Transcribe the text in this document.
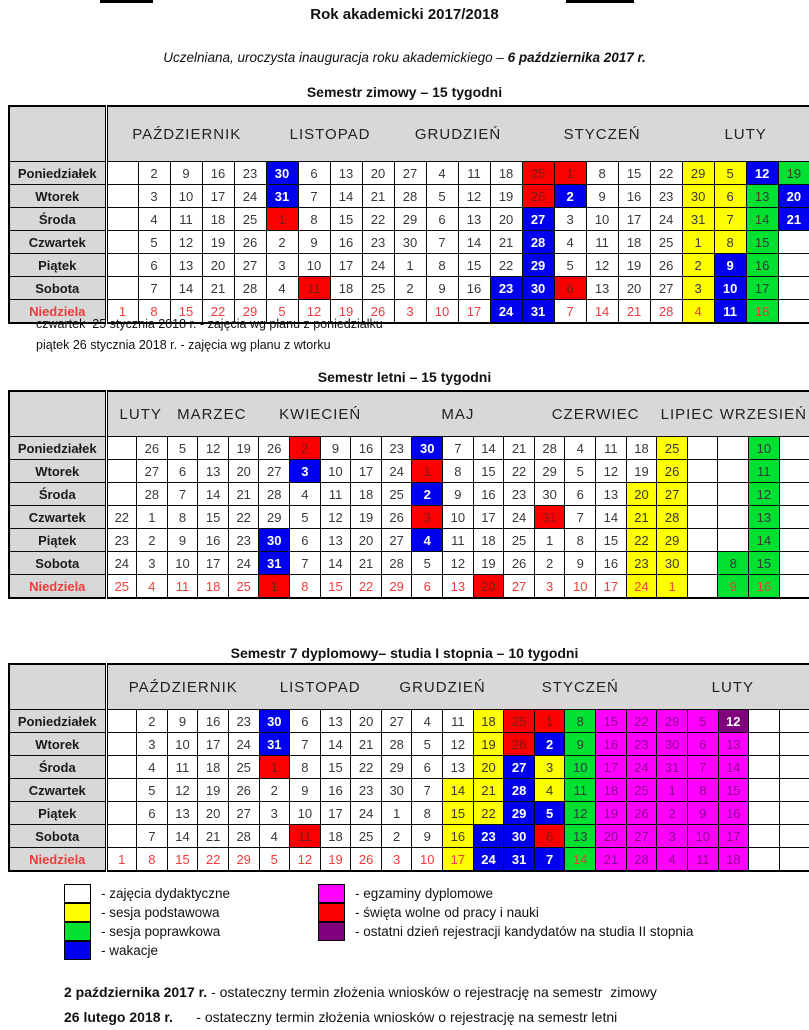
Rok akademicki 2017/2018
Uczelniana, uroczysta inauguracja roku akademickiego – 6 października 2017 r.
Semestr zimowy – 15 tygodni
	PAŹDZIERNIK					LISTOPAD				GRUDZIEŃ				STYCZEŃ					LUTY			
Poniedziałek		2	9	16	23	30	6	13	20	27	4	11	18	25	1	8	15	22	29	5	12	19
Wtorek		3	10	17	24	31	7	14	21	28	5	12	19	26	2	9	16	23	30	6	13	20
Środa		4	11	18	25	1	8	15	22	29	6	13	20	27	3	10	17	24	31	7	14	21
Czwartek		5	12	19	26	2	9	16	23	30	7	14	21	28	4	11	18	25	1	8	15	
Piątek		6	13	20	27	3	10	17	24	1	8	15	22	29	5	12	19	26	2	9	16	
Sobota		7	14	21	28	4	11	18	25	2	9	16	23	30	6	13	20	27	3	10	17	
Niedziela	1	8	15	22	29	5	12	19	26	3	10	17	24	31	7	14	21	28	4	11	18	
czwartek  25 stycznia 2018 r. - zajęcia wg planu z poniedziałku
piątek 26 stycznia 2018 r. - zajęcia wg planu z wtorku
Semestr letni – 15 tygodni
	LUTY   MARZEC					KWIECIEŃ				MAJ					CZERWIEC				LIPIEC		WRZESIEŃ		
Poniedziałek		26	5	12	19	26	2	9	16	23	30	7	14	21	28	4	11	18	25			10	
Wtorek		27	6	13	20	27	3	10	17	24	1	8	15	22	29	5	12	19	26			11	
Środa		28	7	14	21	28	4	11	18	25	2	9	16	23	30	6	13	20	27			12	
Czwartek	22	1	8	15	22	29	5	12	19	26	3	10	17	24	31	7	14	21	28			13	
Piątek	23	2	9	16	23	30	6	13	20	27	4	11	18	25	1	8	15	22	29			14	
Sobota	24	3	10	17	24	31	7	14	21	28	5	12	19	26	2	9	16	23	30		8	15	
Niedziela	25	4	11	18	25	1	8	15	22	29	6	13	20	27	3	10	17	24	1		9	16	
Semestr 7 dyplomowy– studia I stopnia – 10 tygodni
	PAŹDZIERNIK					LISTOPAD				GRUDZIEŃ				STYCZEŃ					LUTY				
Poniedziałek		2	9	16	23	30	6	13	20	27	4	11	18	25	1	8	15	22	29	5	12		
Wtorek		3	10	17	24	31	7	14	21	28	5	12	19	26	2	9	16	23	30	6	13		
Środa		4	11	18	25	1	8	15	22	29	6	13	20	27	3	10	17	24	31	7	14		
Czwartek		5	12	19	26	2	9	16	23	30	7	14	21	28	4	11	18	25	1	8	15		
Piątek		6	13	20	27	3	10	17	24	1	8	15	22	29	5	12	19	26	2	9	16		
Sobota		7	14	21	28	4	11	18	25	2	9	16	23	30	6	13	20	27	3	10	17		
Niedziela	1	8	15	22	29	5	12	19	26	3	10	17	24	31	7	14	21	28	4	11	18		
- zajęcia dydaktyczne
- sesja podstawowa
- sesja poprawkowa
- wakacje
- egzaminy dyplomowe
- święta wolne od pracy i nauki
- ostatni dzień rejestracji kandydatów na studia II stopnia
2 października 2017 r. - ostateczny termin złożenia wniosków o rejestrację na semestr  zimowy
26 lutego 2018 r.      - ostateczny termin złożenia wniosków o rejestrację na semestr letni
